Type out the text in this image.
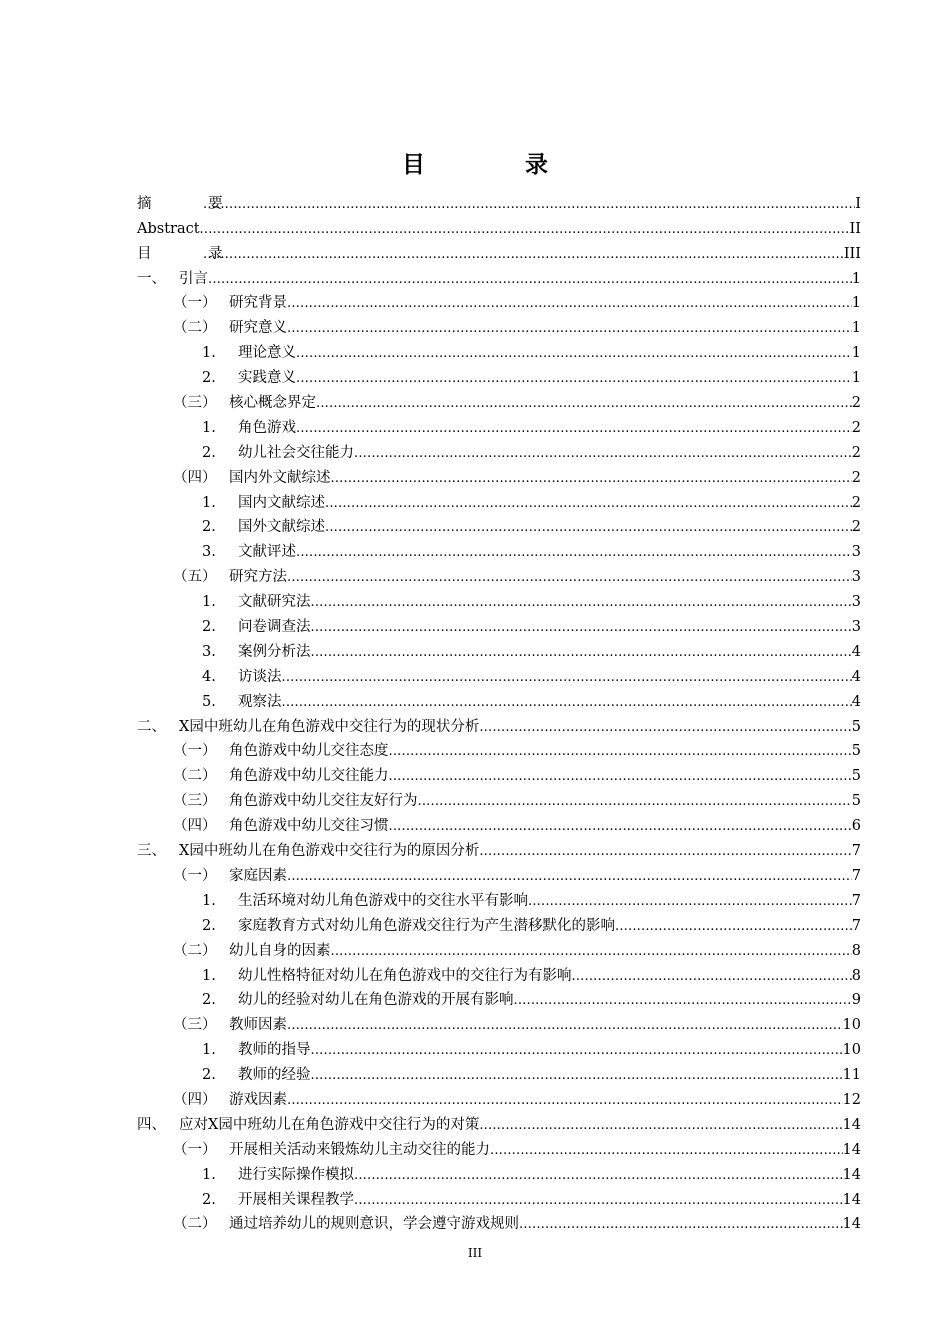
目 录
摘 要 .....	I
Abstract .....	II
目 录 .....	III
一、 引言 .....	1
（一） 研究背景 .....	1
（二） 研究意义 .....	1
1.	理论意义 .....	1
2.	实践意义 .....	1
（三） 核心概念界定 .....	2
1.	角色游戏 .....	2
2.	幼儿社会交往能力 .....	2
（四） 国内外文献综述 .....	2
1.	国内文献综述 .....	2
2.	国外文献综述 .....	2
3.	文献评述 .....	3
（五） 研究方法 .....	3
1.	文献研究法 .....	3
2.	问卷调查法 .....	3
3.	案例分析法 .....	4
4.	访谈法 .....	4
5.	观察法 .....	4
二、 X园中班幼儿在角色游戏中交往行为的现状分析 .....	5
（一） 角色游戏中幼儿交往态度 .....	5
（二） 角色游戏中幼儿交往能力 .....	5
（三） 角色游戏中幼儿交往友好行为 .....	5
（四） 角色游戏中幼儿交往习惯 .....	6
三、 X园中班幼儿在角色游戏中交往行为的原因分析 .....	7
（一） 家庭因素 .....	7
1.	生活环境对幼儿角色游戏中的交往水平有影响 .....	7
2.	家庭教育方式对幼儿角色游戏交往行为产生潜移默化的影响 .....	7
（二） 幼儿自身的因素 .....	8
1.	幼儿性格特征对幼儿在角色游戏中的交往行为有影响 .....	8
2.	幼儿的经验对幼儿在角色游戏的开展有影响 .....	9
（三） 教师因素 .....	10
1.	教师的指导 .....	10
2.	教师的经验 .....	11
（四） 游戏因素 .....	12
四、 应对X园中班幼儿在角色游戏中交往行为的对策 .....	14
（一） 开展相关活动来锻炼幼儿主动交往的能力 .....	14
1.	进行实际操作模拟 .....	14
2.	开展相关课程教学 .....	14
（二） 通过培养幼儿的规则意识，学会遵守游戏规则 .....	14
III
